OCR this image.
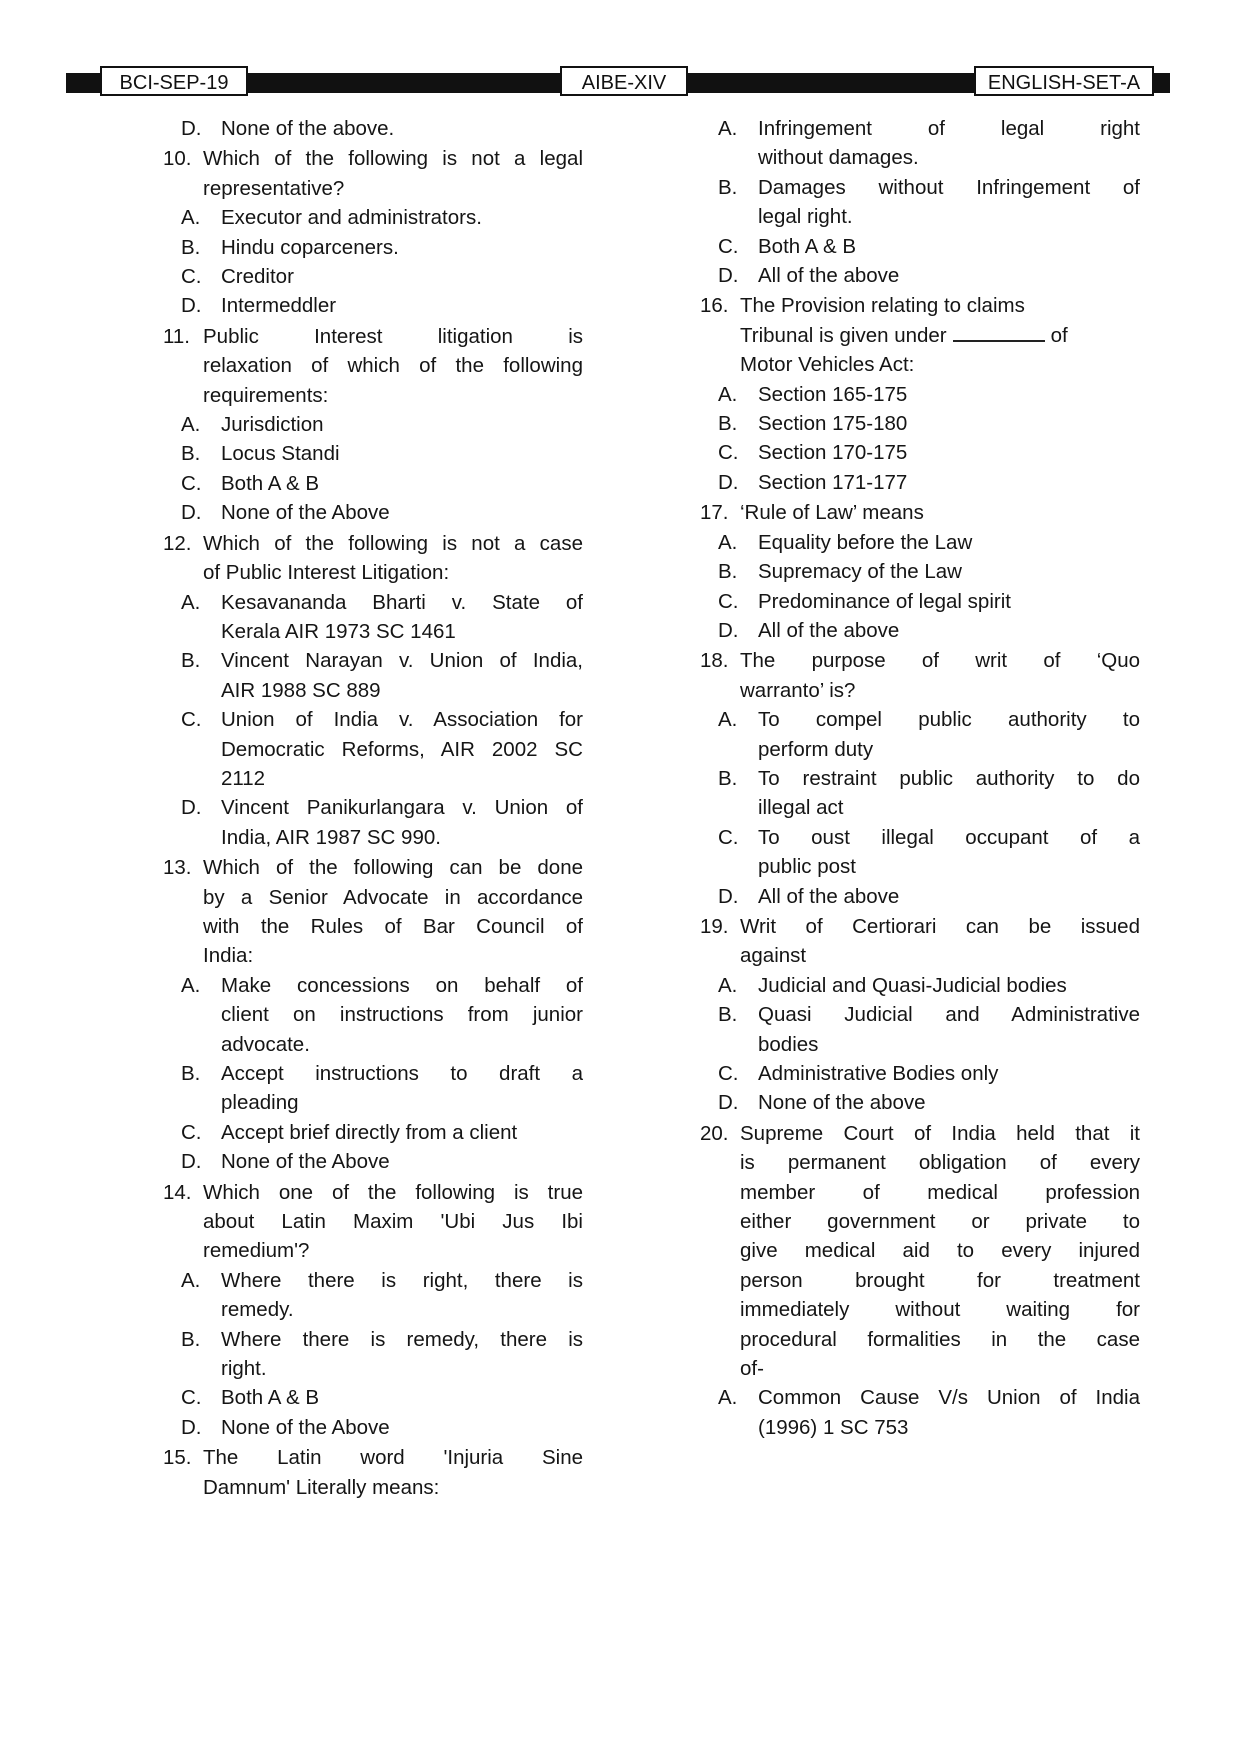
BCI-SEP-19	AIBE-XIV	ENGLISH-SET-A
D. None of the above.
10. Which of the following is not a legal
representative?
A. Executor and administrators.
B. Hindu coparceners.
C. Creditor
D. Intermeddler
11. Public Interest litigation is
relaxation of which of the following
requirements:
A. Jurisdiction
B. Locus Standi
C. Both A & B
D. None of the Above
12. Which of the following is not a case
of Public Interest Litigation:
A. Kesavananda Bharti v. State of
Kerala AIR 1973 SC 1461
B. Vincent Narayan v. Union of India,
AIR 1988 SC 889
C. Union of India v. Association for
Democratic Reforms, AIR 2002 SC
2112
D. Vincent Panikurlangara v. Union of
India, AIR 1987 SC 990.
13. Which of the following can be done
by a Senior Advocate in accordance
with the Rules of Bar Council of
India:
A. Make concessions on behalf of
client on instructions from junior
advocate.
B. Accept instructions to draft a
pleading
C. Accept brief directly from a client
D. None of the Above
14. Which one of the following is true
about Latin Maxim 'Ubi Jus Ibi
remedium'?
A. Where there is right, there is
remedy.
B. Where there is remedy, there is
right.
C. Both A & B
D. None of the Above
15. The Latin word 'Injuria Sine
Damnum' Literally means:
A. Infringement of legal right
without damages.
B. Damages without Infringement of
legal right.
C. Both A & B
D. All of the above
16. The Provision relating to claims
Tribunal is given under	of
Motor Vehicles Act:
A. Section 165-175
B. Section 175-180
C. Section 170-175
D. Section 171-177
17. ‘Rule of Law’ means
A. Equality before the Law
B. Supremacy of the Law
C. Predominance of legal spirit
D. All of the above
18. The purpose of writ of ‘Quo
warranto’ is?
A. To compel public authority to
perform duty
B. To restraint public authority to do
illegal act
C. To oust illegal occupant of a
public post
D. All of the above
19. Writ of Certiorari can be issued
against
A. Judicial and Quasi-Judicial bodies
B. Quasi Judicial and Administrative
bodies
C. Administrative Bodies only
D. None of the above
20. Supreme Court of India held that it
is permanent obligation of every
member of medical profession
either government or private to
give medical aid to every injured
person brought for treatment
immediately without waiting for
procedural formalities in the case
of-
A. Common Cause V/s Union of India
(1996) 1 SC 753
